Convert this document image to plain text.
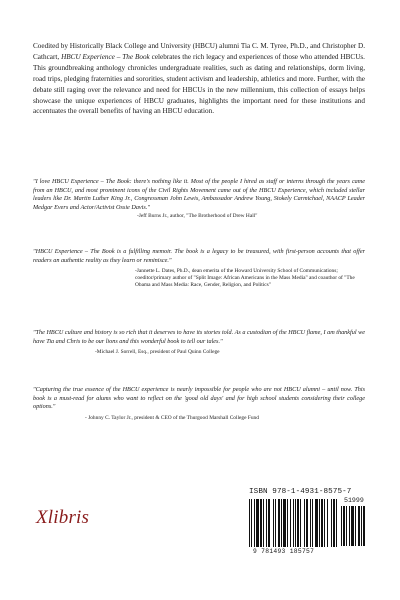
Coedited by Historically Black College and University (HBCU) alumni Tia C. M. Tyree, Ph.D., and Christopher D. Cathcart, HBCU Experience – The Book celebrates the rich legacy and experiences of those who attended HBCUs. This groundbreaking anthology chronicles undergraduate realities, such as dating and relationships, dorm living, road trips, pledging fraternities and sororities, student activism and leadership, athletics and more. Further, with the debate still raging over the relevance and need for HBCUs in the new millennium, this collection of essays helps showcase the unique experiences of HBCU graduates, highlights the important need for these institutions and accentuates the overall benefits of having an HBCU education.
"I love HBCU Experience – The Book: there's nothing like it. Most of the people I hired as staff or interns through the years came from an HBCU, and most prominent icons of the Civil Rights Movement came out of the HBCU Experience, which included stellar leaders like Dr. Martin Luther King Jr., Congressman John Lewis, Ambassador Andrew Young, Stokely Carmichael, NAACP Leader Medgar Evers and Actor/Activist Ossie Davis."
-Jeff Burns Jr., author, "The Brotherhood of Drew Hall"
"HBCU Experience – The Book is a fulfilling memoir. The book is a legacy to be treasured, with first-person accounts that offer readers an authentic reality as they learn or reminisce."
-Jannette L. Dates, Ph.D., dean emerita of the Howard University School of Communications; coeditor/primary author of "Split Image: African Americans in the Mass Media" and coauthor of "The Obama and Mass Media: Race, Gender, Religion, and Politics"
"The HBCU culture and history is so rich that it deserves to have its stories told. As a custodian of the HBCU flame, I am thankful we have Tia and Chris to be our lions and this wonderful book to tell our tales."
-Michael J. Sorrell, Esq., president of Paul Quinn College
"Capturing the true essence of the HBCU experience is nearly impossible for people who are not HBCU alumni – until now. This book is a must-read for alums who want to reflect on the 'good old days' and for high school students considering their college options."
- Johnny C. Taylor Jr., president & CEO of the Thurgood Marshall College Fund
Xlibris
ISBN 978-1-4931-8575-7
51999
9 781493 185757
